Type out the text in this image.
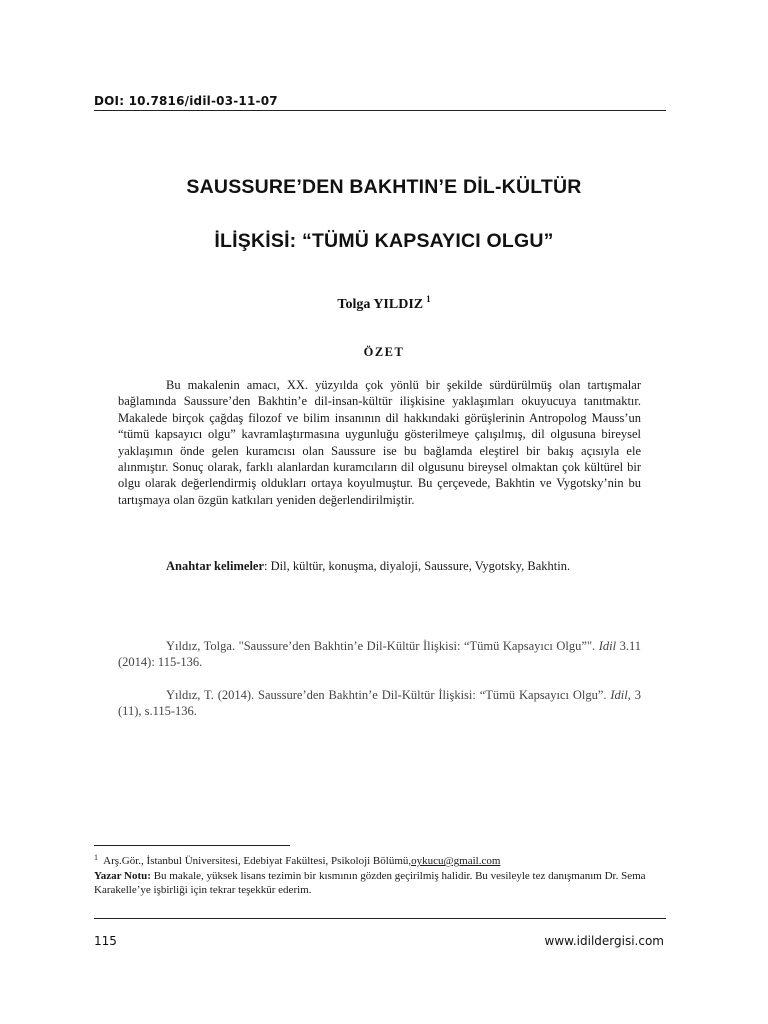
DOI: 10.7816/idil-03-11-07
SAUSSURE’DEN BAKHTIN’E DİL-KÜLTÜR
İLİŞKİSİ: “TÜMÜ KAPSAYICI OLGU”
Tolga YILDIZ $^1$
ÖZET

Bu makalenin amacı, XX. yüzyılda çok yönlü bir şekilde sürdürülmüş olan tartışmalar bağlamında Saussure’den Bakhtin’e dil-insan-kültür ilişkisine yaklaşımları okuyucuya tanıtmaktır. Makalede birçok çağdaş filozof ve bilim insanının dil hakkındaki görüşlerinin Antropolog Mauss’un “tümü kapsayıcı olgu” kavramlaştırmasına uygunluğu gösterilmeye çalışılmış, dil olgusuna bireysel yaklaşımın önde gelen kuramcısı olan Saussure ise bu bağlamda eleştirel bir bakış açısıyla ele alınmıştır. Sonuç olarak, farklı alanlardan kuramcıların dil olgusunu bireysel olmaktan çok kültürel bir olgu olarak değerlendirmiş oldukları ortaya koyulmuştur. Bu çerçevede, Bakhtin ve Vygotsky’nin bu tartışmaya olan özgün katkıları yeniden değerlendirilmiştir.

Anahtar kelimeler: Dil, kültür, konuşma, diyaloji, Saussure, Vygotsky, Bakhtin.

Yıldız, Tolga. "Saussure’den Bakhtin’e Dil-Kültür İlişkisi: “Tümü Kapsayıcı Olgu”". Idil 3.11 (2014): 115-136.

Yıldız, T. (2014). Saussure’den Bakhtin’e Dil-Kültür İlişkisi: “Tümü Kapsayıcı Olgu”. Idil, 3 (11), s.115-136.

$^1$ Arş.Gör., İstanbul Üniversitesi, Edebiyat Fakültesi, Psikoloji Bölümü,oykucu@gmail.com
Yazar Notu: Bu makale, yüksek lisans tezimin bir kısmının gözden geçirilmiş halidir. Bu vesileyle tez danışmanım Dr. Sema Karakelle’ye işbirliği için tekrar teşekkür ederim.
115	www.idildergisi.com
